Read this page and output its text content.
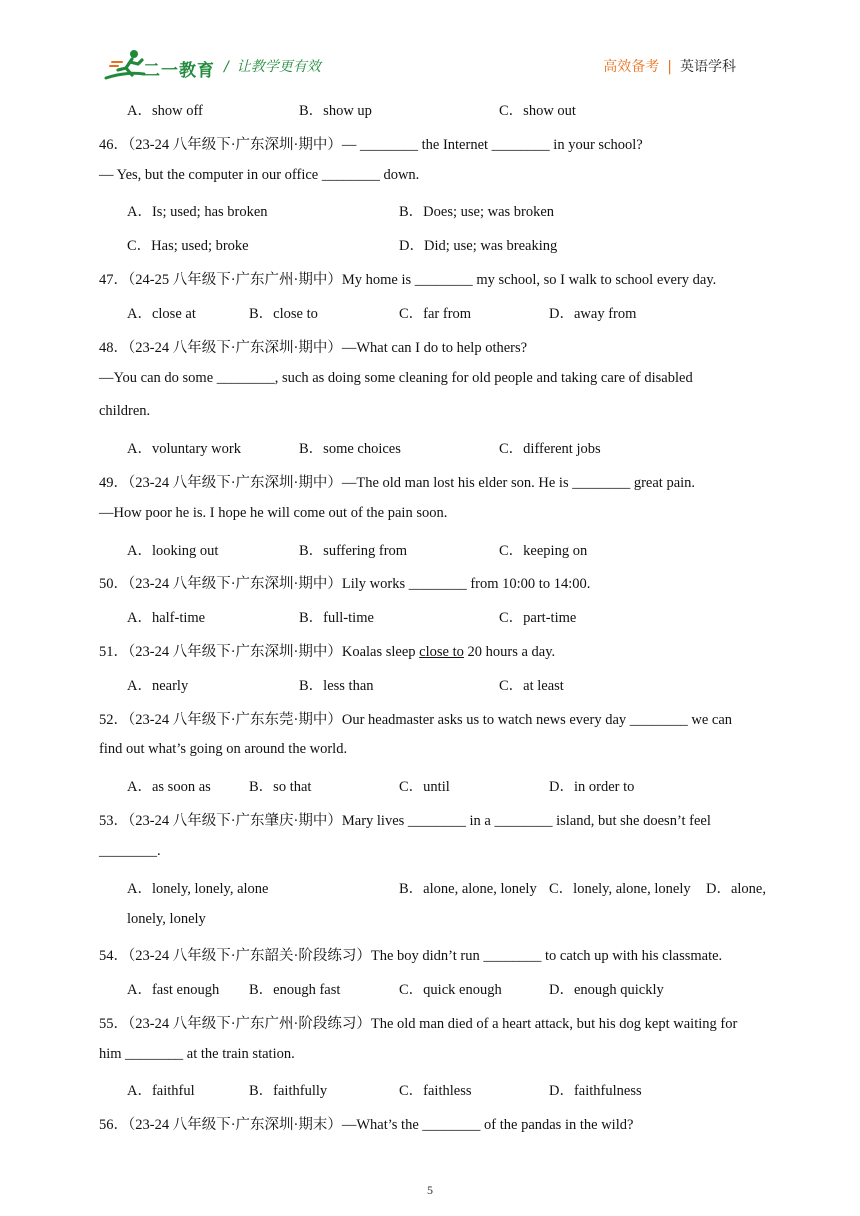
二一教育 / 让教学更有效	高效备考 | 英语学科
A．show off	B．show up	C．show out
46．（23-24 八年级下·广东深圳·期中）— ________ the Internet ________ in your school?
— Yes, but the computer in our office ________ down.
A．Is; used; has broken	B．Does; use; was broken
C．Has; used; broke	D．Did; use; was breaking
47．（24-25 八年级下·广东广州·期中）My home is ________ my school, so I walk to school every day.
A．close at	B．close to	C．far from	D．away from
48．（23-24 八年级下·广东深圳·期中）—What can I do to help others?
—You can do some ________, such as doing some cleaning for old people and taking care of disabled
children.
A．voluntary work	B．some choices	C．different jobs
49．（23-24 八年级下·广东深圳·期中）—The old man lost his elder son. He is ________ great pain.
—How poor he is. I hope he will come out of the pain soon.
A．looking out	B．suffering from	C．keeping on
50．（23-24 八年级下·广东深圳·期中）Lily works ________ from 10:00 to 14:00.
A．half-time	B．full-time	C．part-time
51．（23-24 八年级下·广东深圳·期中）Koalas sleep close to 20 hours a day.
A．nearly	B．less than	C．at least
52．（23-24 八年级下·广东东莞·期中）Our headmaster asks us to watch news every day ________ we can
find out what’s going on around the world.
A．as soon as	B．so that	C．until	D．in order to
53．（23-24 八年级下·广东肇庆·期中）Mary lives ________ in a ________ island, but she doesn’t feel
________.
A．lonely, lonely, alone	B．alone, alone, lonely C．lonely, alone, lonely D．alone,
lonely, lonely
54．（23-24 八年级下·广东韶关·阶段练习）The boy didn’t run ________ to catch up with his classmate.
A．fast enough B．enough fast	C．quick enough	D．enough quickly
55．（23-24 八年级下·广东广州·阶段练习）The old man died of a heart attack, but his dog kept waiting for
him ________ at the train station.
A．faithful	B．faithfully	C．faithless	D．faithfulness
56．（23-24 八年级下·广东深圳·期末）—What’s the ________ of the pandas in the wild?
5
